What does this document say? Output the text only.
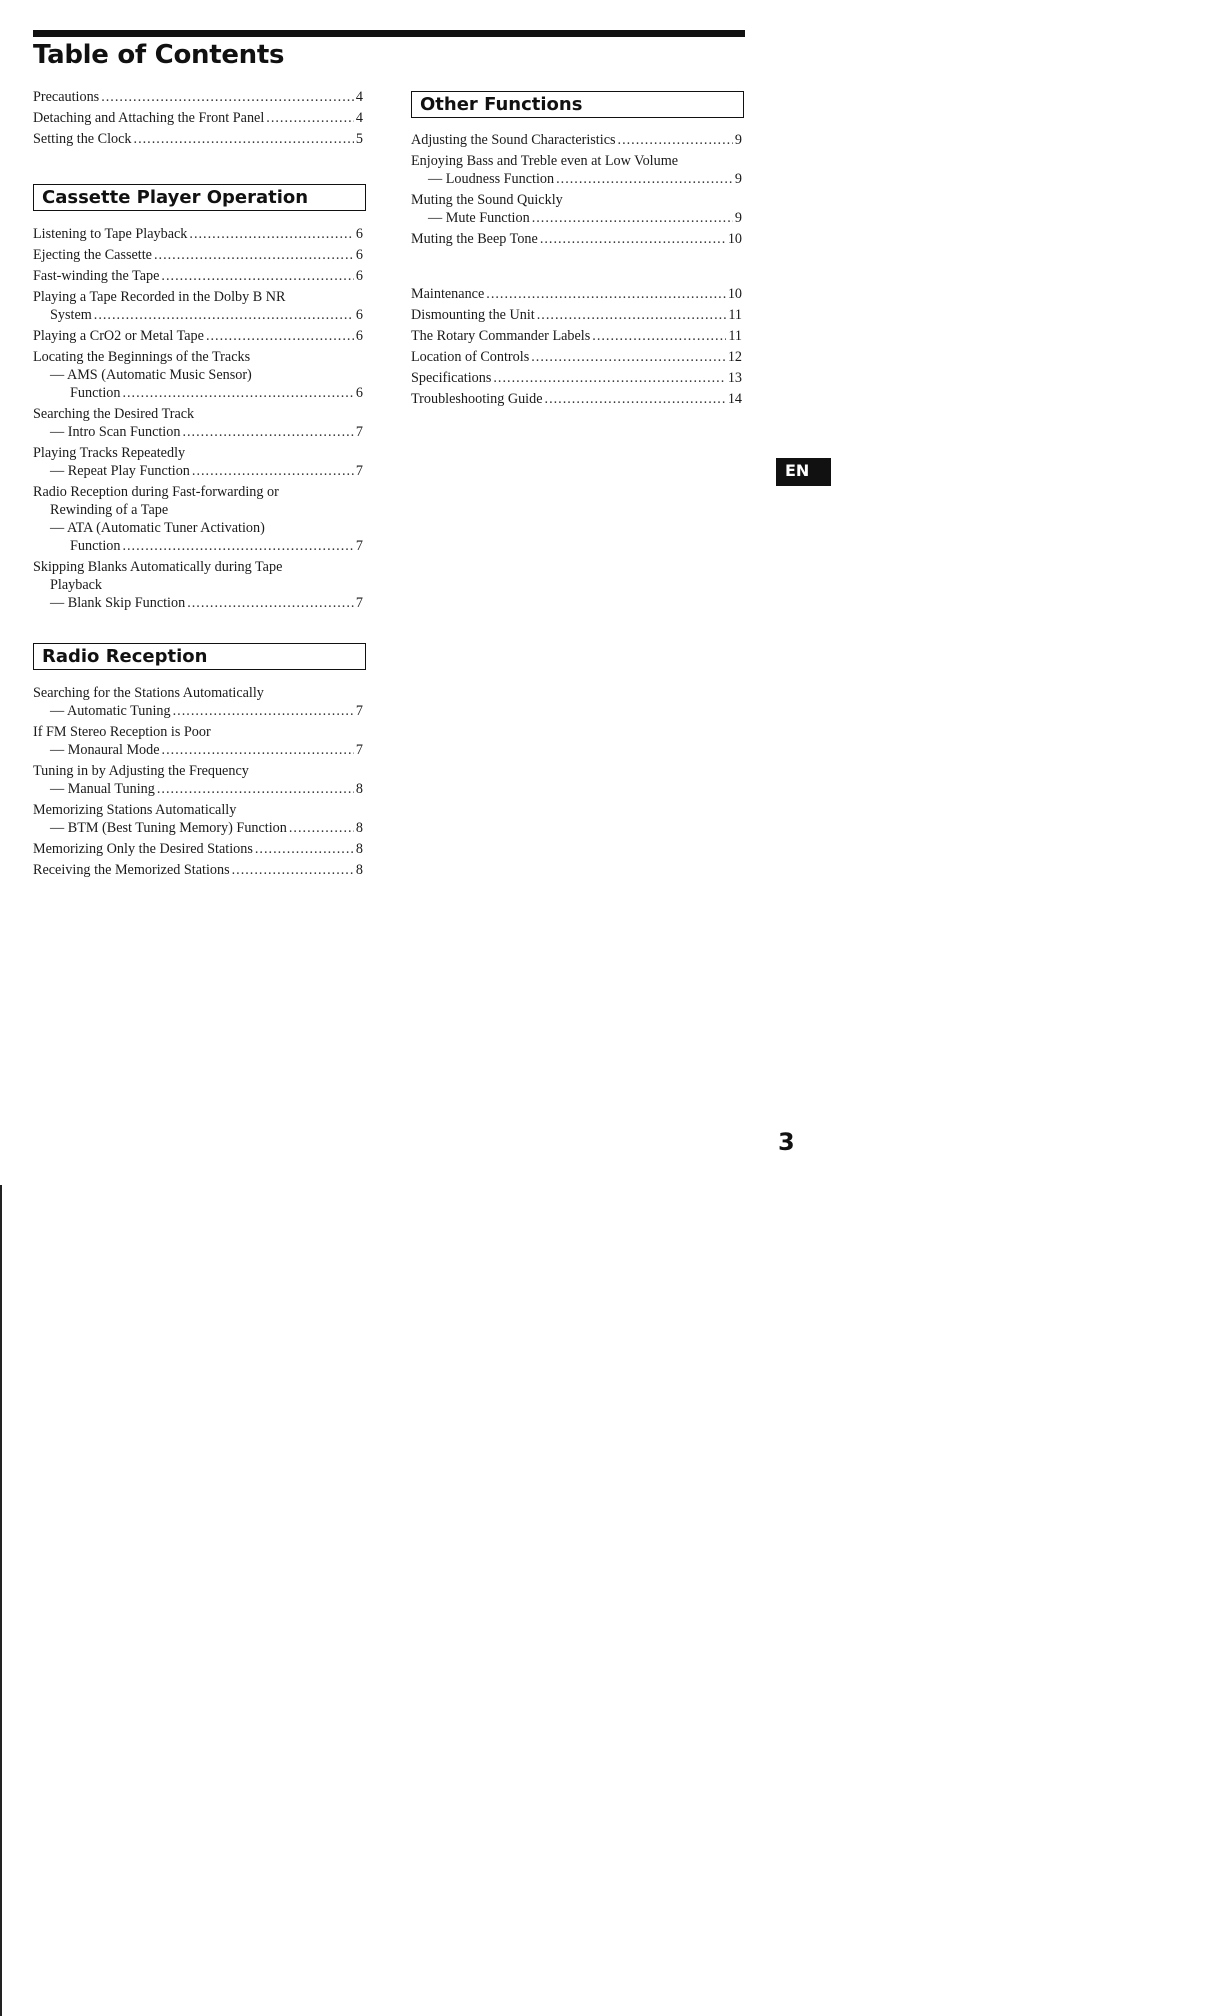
Table of Contents
Precautions .....	4
Detaching and Attaching the Front Panel .....	4
Setting the Clock .....	5
Cassette Player Operation
Listening to Tape Playback .....	6
Ejecting the Cassette .....	6
Fast-winding the Tape .....	6
Playing a Tape Recorded in the Dolby B NR
System .....	6
Playing a CrO2 or Metal Tape .....	6
Locating the Beginnings of the Tracks
— AMS (Automatic Music Sensor)
Function .....	6
Searching the Desired Track
— Intro Scan Function .....	7
Playing Tracks Repeatedly
— Repeat Play Function .....	7
Radio Reception during Fast-forwarding or
Rewinding of a Tape
— ATA (Automatic Tuner Activation)
Function .....	7
Skipping Blanks Automatically during Tape
Playback
— Blank Skip Function .....	7
Radio Reception
Searching for the Stations Automatically
— Automatic Tuning .....	7
If FM Stereo Reception is Poor
— Monaural Mode .....	7
Tuning in by Adjusting the Frequency
— Manual Tuning .....	8
Memorizing Stations Automatically
— BTM (Best Tuning Memory) Function .....	8
Memorizing Only the Desired Stations .....	8
Receiving the Memorized Stations .....	8
Other Functions
Adjusting the Sound Characteristics .....	9
Enjoying Bass and Treble even at Low Volume
— Loudness Function .....	9
Muting the Sound Quickly
— Mute Function .....	9
Muting the Beep Tone .....	10
Maintenance .....	10
Dismounting the Unit .....	11
The Rotary Commander Labels .....	11
Location of Controls .....	12
Specifications .....	13
Troubleshooting Guide .....	14
EN
3
